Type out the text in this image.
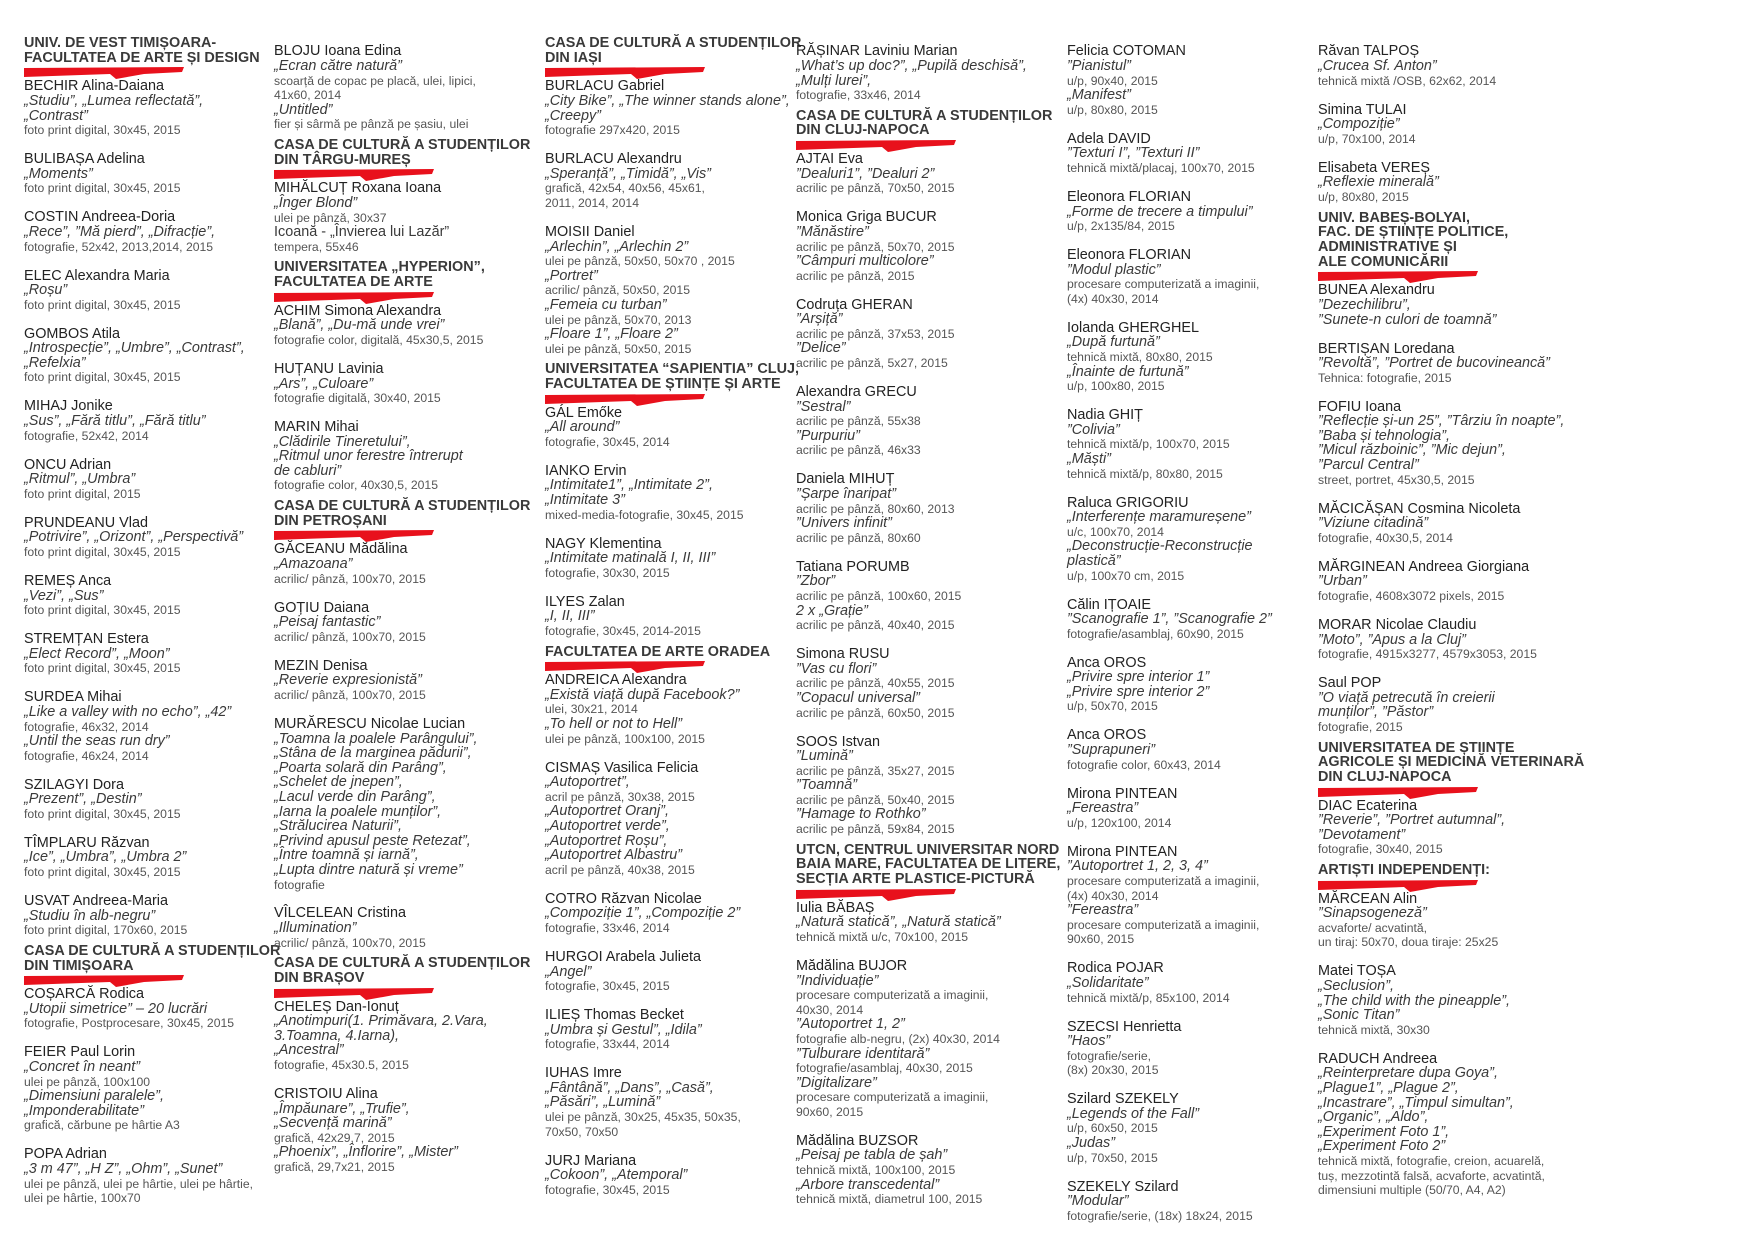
UNIV. DE VEST TIMIȘOARA-
FACULTATEA DE ARTE ȘI DESIGN
BECHIR Alina-Daiana
„Studiu”, „Lumea reflectată”,
„Contrast”
foto print digital, 30x45, 2015
BULIBAȘA Adelina
„Moments”
foto print digital, 30x45, 2015
COSTIN Andreea-Doria
„Rece”, ”Mă pierd”, „Difracție”,
fotografie, 52x42, 2013,2014, 2015
ELEC Alexandra Maria
„Roșu”
foto print digital, 30x45, 2015
GOMBOS Atila
„Introspecție”, „Umbre”, „Contrast”,
„Refelxia”
foto print digital, 30x45, 2015
MIHAJ Jonike
„Sus”, „Fără titlu”, „Fără titlu”
fotografie, 52x42, 2014
ONCU Adrian
„Ritmul”, „Umbra”
foto print digital, 2015
PRUNDEANU Vlad
„Potrivire”, „Orizont”, „Perspectivă”
foto print digital, 30x45, 2015
REMEȘ Anca
„Vezi”, „Sus”
foto print digital, 30x45, 2015
STREMȚAN Estera
„Elect Record”, „Moon”
foto print digital, 30x45, 2015
SURDEA Mihai
„Like a valley with no echo”, „42”
fotografie, 46x32, 2014
„Until the seas run dry”
fotografie, 46x24, 2014
SZILAGYI Dora
„Prezent”, „Destin”
foto print digital, 30x45, 2015
TÎMPLARU Răzvan
„Ice”, „Umbra”, „Umbra 2”
foto print digital, 30x45, 2015
USVAT Andreea-Maria
„Studiu în alb-negru”
foto print digital, 170x60, 2015
CASA DE CULTURĂ A STUDENȚILOR
DIN TIMIȘOARA
COȘARCĂ Rodica
„Utopii simetrice” – 20 lucrări
fotografie, Postprocesare, 30x45, 2015
FEIER Paul Lorin
„Concret în neant”
ulei pe pânză, 100x100
„Dimensiuni paralele”,
„Imponderabilitate”
grafică, cărbune pe hârtie A3
POPA Adrian
„3 m 47”, „H Z”, „Ohm”, „Sunet”
ulei pe pânză, ulei pe hârtie, ulei pe hârtie,
ulei pe hârtie, 100x70
BLOJU Ioana Edina
„Ecran către natură”
scoarță de copac pe placă, ulei, lipici,
41x60, 2014
„Untitled”
fier și sârmă pe pânză pe șasiu, ulei
CASA DE CULTURĂ A STUDENȚILOR
DIN TÂRGU-MUREȘ
MIHĂLCUȚ Roxana Ioana
„Înger Blond”
ulei pe pânză, 30x37
Icoană - „Învierea lui Lazăr”
tempera, 55x46
UNIVERSITATEA „HYPERION”,
FACULTATEA DE ARTE
ACHIM Simona Alexandra
„Blană”, „Du-mă unde vrei”
fotografie color, digitală, 45x30,5, 2015
HUȚANU Lavinia
„Ars”, „Culoare”
fotografie digitală, 30x40, 2015
MARIN Mihai
„Clădirile Tineretului”,
„Ritmul unor ferestre întrerupt
de cabluri”
fotografie color, 40x30,5, 2015
CASA DE CULTURĂ A STUDENȚILOR
DIN PETROȘANI
GĂCEANU Mădălina
„Amazoana”
acrilic/ pânză, 100x70, 2015
GOȚIU Daiana
„Peisaj fantastic”
acrilic/ pânză, 100x70, 2015
MEZIN Denisa
„Reverie expresionistă”
acrilic/ pânză, 100x70, 2015
MURĂRESCU Nicolae Lucian
„Toamna la poalele Parângului”,
„Stâna de la marginea pădurii”,
„Poarta solară din Parâng”,
„Schelet de jnepen”,
„Lacul verde din Parâng”,
„Iarna la poalele munților”,
„Strălucirea Naturii”,
„Privind apusul peste Retezat”,
„Între toamnă și iarnă”,
„Lupta dintre natură și vreme”
fotografie
VÎLCELEAN Cristina
„Illumination”
acrilic/ pânză, 100x70, 2015
CASA DE CULTURĂ A STUDENȚILOR
DIN BRAȘOV
CHELEȘ Dan-Ionuț
„Anotimpuri(1. Primăvara, 2.Vara,
3.Toamna, 4.Iarna),
„Ancestral”
fotografie, 45x30.5, 2015
CRISTOIU Alina
„Împăunare”, „Trufie”,
„Secvență marină”
grafică, 42x29,7, 2015
„Phoenix”, „Înflorire”, „Mister”
grafică, 29,7x21, 2015
CASA DE CULTURĂ A STUDENȚILOR
DIN IAȘI
BURLACU Gabriel
„City Bike”, „The winner stands alone”,
„Creepy”
fotografie 297x420, 2015
BURLACU Alexandru
„Speranță”, „Timidă”, „Vis”
grafică, 42x54, 40x56, 45x61,
2011, 2014, 2014
MOISII Daniel
„Arlechin”, „Arlechin 2”
ulei pe pânză, 50x50, 50x70 , 2015
„Portret”
acrilic/ pânză, 50x50, 2015
„Femeia cu turban”
ulei pe pânză, 50x70, 2013
„Floare 1”, „Floare 2”
ulei pe pânză, 50x50, 2015
UNIVERSITATEA “SAPIENTIA” CLUJ,
FACULTATEA DE ȘTIINȚE ȘI ARTE
GÁL Emőke
„All around”
fotografie, 30x45, 2014
IANKO Ervin
„Intimitate1”, „Intimitate 2”,
„Intimitate 3”
mixed-media-fotografie, 30x45, 2015
NAGY Klementina
„Intimitate matinală I, II, III”
fotografie, 30x30, 2015
ILYES Zalan
„I, II, III”
fotografie, 30x45, 2014-2015
FACULTATEA DE ARTE ORADEA
ANDREICA Alexandra
„Există viață după Facebook?”
ulei, 30x21, 2014
„To hell or not to Hell”
ulei pe pânză, 100x100, 2015
CISMAȘ Vasilica Felicia
„Autoportret”,
acril pe pânză, 30x38, 2015
„Autoportret Oranj”,
„Autoportret verde”,
„Autoportret Roșu”,
„Autoportret Albastru”
acril pe pânză, 40x38, 2015
COTRO Răzvan Nicolae
„Compoziție 1”, „Compoziție 2”
fotografie, 33x46, 2014
HURGOI Arabela Julieta
„Angel”
fotografie, 30x45, 2015
ILIEȘ Thomas Becket
„Umbra și Gestul”, „Idila”
fotografie, 33x44, 2014
IUHAS Imre
„Fântână”, „Dans”, „Casă”,
„Păsări”, „Lumină”
ulei pe pânză, 30x25, 45x35, 50x35,
70x50, 70x50
JURJ Mariana
„Cokoon”, „Atemporal”
fotografie, 30x45, 2015
RĂȘINAR Laviniu Marian
„What’s up doc?”, „Pupilă deschisă”,
„Mulți lurei”,
fotografie, 33x46, 2014
CASA DE CULTURĂ A STUDENȚILOR
DIN CLUJ-NAPOCA
AJTAI Eva
”Dealuri1”, ”Dealuri 2”
acrilic pe pânză, 70x50, 2015
Monica Griga BUCUR
”Mănăstire”
acrilic pe pânză, 50x70, 2015
”Câmpuri multicolore”
acrilic pe pânză, 2015
Codruța GHERAN
”Arșiță”
acrilic pe pânză, 37x53, 2015
”Delice”
acrilic pe pânză, 5x27, 2015
Alexandra GRECU
”Sestral”
acrilic pe pânză, 55x38
”Purpuriu”
acrilic pe pânză, 46x33
Daniela MIHUȚ
”Șarpe înaripat”
acrilic pe pânză, 80x60, 2013
”Univers infinit”
acrilic pe pânză, 80x60
Tatiana PORUMB
”Zbor”
acrilic pe pânză, 100x60, 2015
2 x „Grație”
acrilic pe pânză, 40x40, 2015
Simona RUSU
”Vas cu flori”
acrilic pe pânză, 40x55, 2015
”Copacul universal”
acrilic pe pânză, 60x50, 2015
SOOS Istvan
”Lumină”
acrilic pe pânză, 35x27, 2015
”Toamnă”
acrilic pe pânză, 50x40, 2015
”Hamage to Rothko”
acrilic pe pânză, 59x84, 2015
UTCN, CENTRUL UNIVERSITAR NORD
BAIA MARE, FACULTATEA DE LITERE,
SECȚIA ARTE PLASTICE-PICTURĂ
Iulia BĂBAȘ
„Natură statică”, „Natură statică”
tehnică mixtă u/c, 70x100, 2015
Mădălina BUJOR
”Individuație”
procesare computerizată a imaginii,
40x30, 2014
”Autoportret 1, 2”
fotografie alb-negru, (2x) 40x30, 2014
”Tulburare identitară”
fotografie/asamblaj, 40x30, 2015
”Digitalizare”
procesare computerizată a imaginii,
90x60, 2015
Mădălina BUZSOR
„Peisaj pe tabla de șah”
tehnică mixtă, 100x100, 2015
„Arbore transcedental”
tehnică mixtă, diametrul 100, 2015
Felicia COTOMAN
”Pianistul”
u/p, 90x40, 2015
„Manifest”
u/p, 80x80, 2015
Adela DAVID
”Texturi I”, ”Texturi II”
tehnică mixtă/placaj, 100x70, 2015
Eleonora FLORIAN
„Forme de trecere a timpului”
u/p, 2x135/84, 2015
Eleonora FLORIAN
”Modul plastic”
procesare computerizată a imaginii,
(4x) 40x30, 2014
Iolanda GHERGHEL
„După furtună”
tehnică mixtă, 80x80, 2015
„Înainte de furtună”
u/p, 100x80, 2015
Nadia GHIȚ
”Colivia”
tehnică mixtă/p, 100x70, 2015
„Măști”
tehnică mixtă/p, 80x80, 2015
Raluca GRIGORIU
„Interferențe maramureșene”
u/c, 100x70, 2014
„Deconstrucție-Reconstrucție
plastică”
u/p, 100x70 cm, 2015
Călin IȚOAIE
”Scanografie 1”, ”Scanografie 2”
fotografie/asamblaj, 60x90, 2015
Anca OROS
„Privire spre interior 1”
„Privire spre interior 2”
u/p, 50x70, 2015
Anca OROS
”Suprapuneri”
fotografie color, 60x43, 2014
Mirona PINTEAN
„Fereastra”
u/p, 120x100, 2014
Mirona PINTEAN
”Autoportret 1, 2, 3, 4”
procesare computerizată a imaginii,
(4x) 40x30, 2014
”Fereastra”
procesare computerizată a imaginii,
90x60, 2015
Rodica POJAR
„Solidaritate”
tehnică mixtă/p, 85x100, 2014
SZECSI Henrietta
”Haos”
fotografie/serie,
(8x) 20x30, 2015
Szilard SZEKELY
„Legends of the Fall”
u/p, 60x50, 2015
„Judas”
u/p, 70x50, 2015
SZEKELY Szilard
”Modular”
fotografie/serie, (18x) 18x24, 2015
Răvan TALPOȘ
„Crucea Sf. Anton”
tehnică mixtă /OSB, 62x62, 2014
Simina TULAI
„Compoziție”
u/p, 70x100, 2014
Elisabeta VEREȘ
„Reflexie minerală”
u/p, 80x80, 2015
UNIV. BABEȘ-BOLYAI,
FAC. DE ȘTIINȚE POLITICE,
ADMINISTRATIVE ȘI
ALE COMUNICĂRII
BUNEA Alexandru
”Dezechilibru”,
”Sunete-n culori de toamnă”
BERTIȘAN Loredana
”Revoltă”, ”Portret de bucovineancă”
Tehnica: fotografie, 2015
FOFIU Ioana
”Reflecție și-un 25”, ”Târziu în noapte”,
”Baba și tehnologia”,
”Micul războinic”, ”Mic dejun”,
”Parcul Central”
street, portret, 45x30,5, 2015
MĂCICĂȘAN Cosmina Nicoleta
”Viziune citadină”
fotografie, 40x30,5, 2014
MĂRGINEAN Andreea Giorgiana
”Urban”
fotografie, 4608x3072 pixels, 2015
MORAR Nicolae Claudiu
”Moto”, ”Apus a la Cluj”
fotografie, 4915x3277, 4579x3053, 2015
Saul POP
”O viață petrecută în creierii
munților”, ”Păstor”
fotografie, 2015
UNIVERSITATEA DE ȘTIINȚE
AGRICOLE ȘI MEDICINĂ VETERINARĂ
DIN CLUJ-NAPOCA
DIAC Ecaterina
”Reverie”, ”Portret autumnal”,
”Devotament”
fotografie, 30x40, 2015
ARTIȘTI INDEPENDENȚI:
MĂRCEAN Alin
”Sinapsogeneză”
acvaforte/ acvatintă,
un tiraj: 50x70, doua tiraje: 25x25
Matei TOȘA
„Seclusion”,
„The child with the pineapple”,
„Sonic Titan”
tehnică mixtă, 30x30
RADUCH Andreea
„Reinterpretare dupa Goya”,
„Plague1”, „Plague 2”,
„Incastrare”, „Timpul simultan”,
„Organic”, „Aldo”,
„Experiment Foto 1”,
„Experiment Foto 2”
tehnică mixtă, fotografie, creion, acuarelă,
tuș, mezzotintă falsă, acvaforte, acvatintă,
dimensiuni multiple (50/70, A4, A2)
